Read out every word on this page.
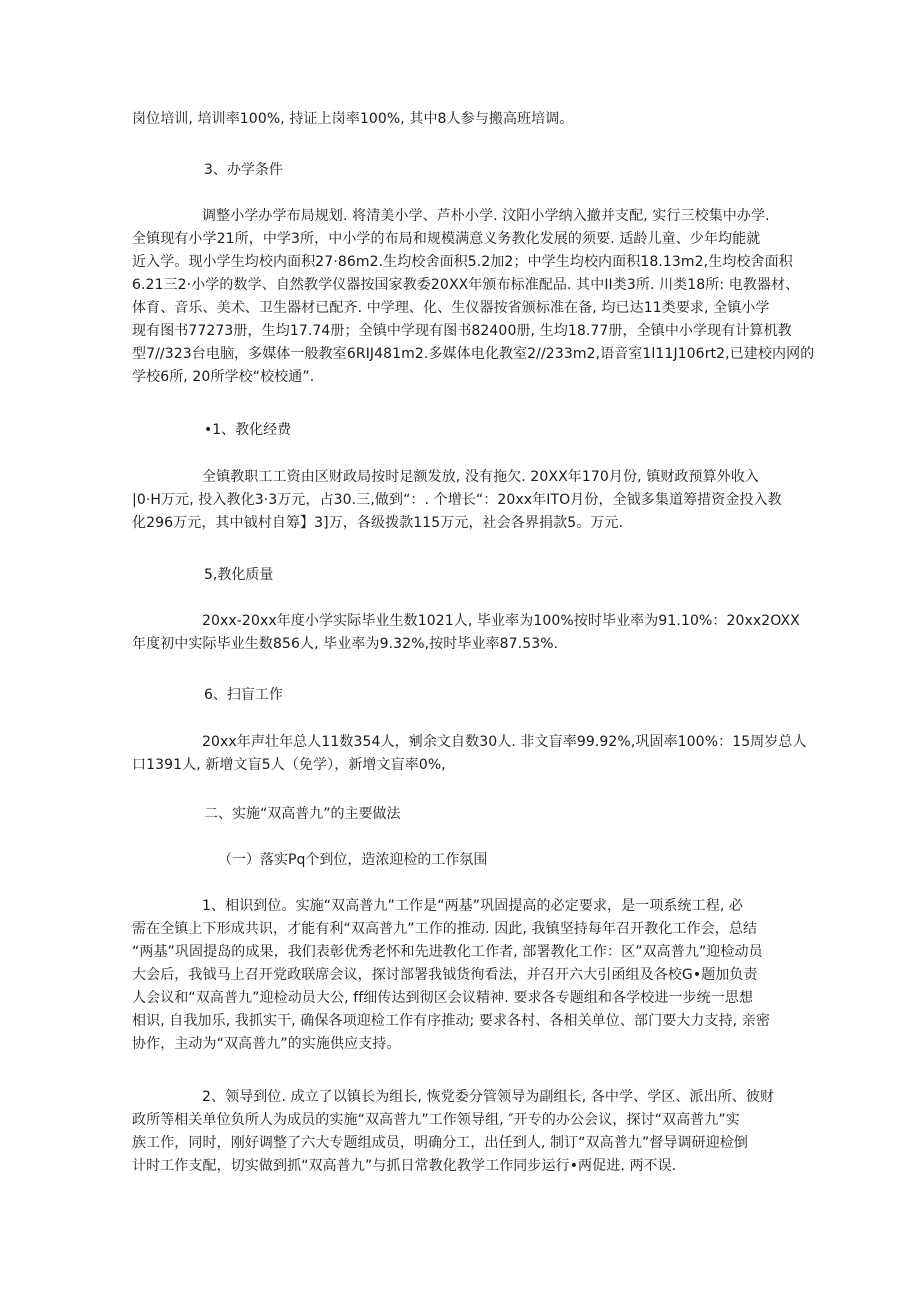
岗位培训, 培训率100%, 持证上岗率100%, 其中8人参与搬高班培调。

3、办学条件

调整小学办学布局规划. 将清美小学、芦朴小学. 汶阳小学纳入撤并支配, 实行三校集中办学.
全镇现有小学21所，中学3所，中小学的布局和规模满意义务教化发展的须要. 适龄儿童、少年均能就
近入学。现小学生均校内面积27·86m2.生均校舍面积5.2加2；中学生均校内面积18.13m2,生均校舍面积
6.21三2·小学的数学、自然教学仪器按国家教委20XX年颁布标准配品. 其中II类3所. 川类18所: 电教器材、
体育、音乐、美术、卫生器材已配齐. 中学理、化、生仪器按省颁标准在备, 均已达11类要求, 全镇小学
现有图书77273册，生均17.74册；全镇中学现有图书82400册, 生均18.77册，全镇中小学现有计算机教
型7//323台电脑，多媒体一般教室6RIJ481m2.多媒体电化教室2//233m2,语音室1l11J106rt2,已建校内网的
学校6所, 20所学校“校校通”.

•1、教化经费

全镇教职工工资由区财政局按时足额发放, 没有拖欠. 20XX年170月份, 镇财政预算外收入
|0·H万元, 投入教化3·3万元，占30.三,做到“：. 个增长“：20xx年ITO月份，全钺多集道筹措资金投入教
化296万元，其中钺村自筹】3]万，各级拨款115万元，社会各界捐款5。万元.

5,教化质量

20xx-20xx年度小学实际毕业生数1021人, 毕业率为100%按时毕业率为91.10%：20xx2OXX
年度初中实际毕业生数856人, 毕业率为9.32%,按时毕业率87.53%.

6、扫盲工作

20xx年声壮年总人11数354人，剜余文自数30人. 非文盲率99.92%,巩固率100%：15周岁总人
口1391人, 新增文盲5人（免学），新增文盲率0%,

二、实施“双高普九”的主要做法

（一）落实Pq个到位，造浓迎检的工作氛围

1、相识到位。实施“双高普九”工作是“两基”巩固提高的必定要求，是一项系统工程, 必
需在全镇上下形成共识，才能有利“双高普九”工作的推动. 因此, 我镇坚持每年召开教化工作会，总结
“两基”巩固提岛的成果，我们表彰优秀老怀和先进教化工作者, 部署教化工作：区”双高普九”迎检动员
大会后，我钺马上召开党政联席会议，探讨部署我钺货徇看法，并召开六大引函组及各校G•题加负责
人会议和“双高普九”迎检动员大公, ff细传达到彻区会议精神. 要求各专题组和各学校进一步统一思想
相识, 自我加乐, 我抓实干, 确保各项迎检工作有序推动; 要求各村、各相关单位、部门要大力支持, 亲密
协作，主动为“双高普九”的实施供应支持。

2、领导到位. 成立了以镇长为组长, 恢党委分管领导为副组长, 各中学、学区、派出所、彼财
政所等相关单位负所人为成员的实施“双高普九”工作领导组, ″开专的办公会议，探讨“双高普九”实
族工作，同时，刚好调整了六大专题组成员，明确分工，出任到人, 制订“双高普九”督导调研迎检倒
计时工作支配，切实做到抓“双高普九”与抓日常教化教学工作同步运行•两促进. 两不误.
